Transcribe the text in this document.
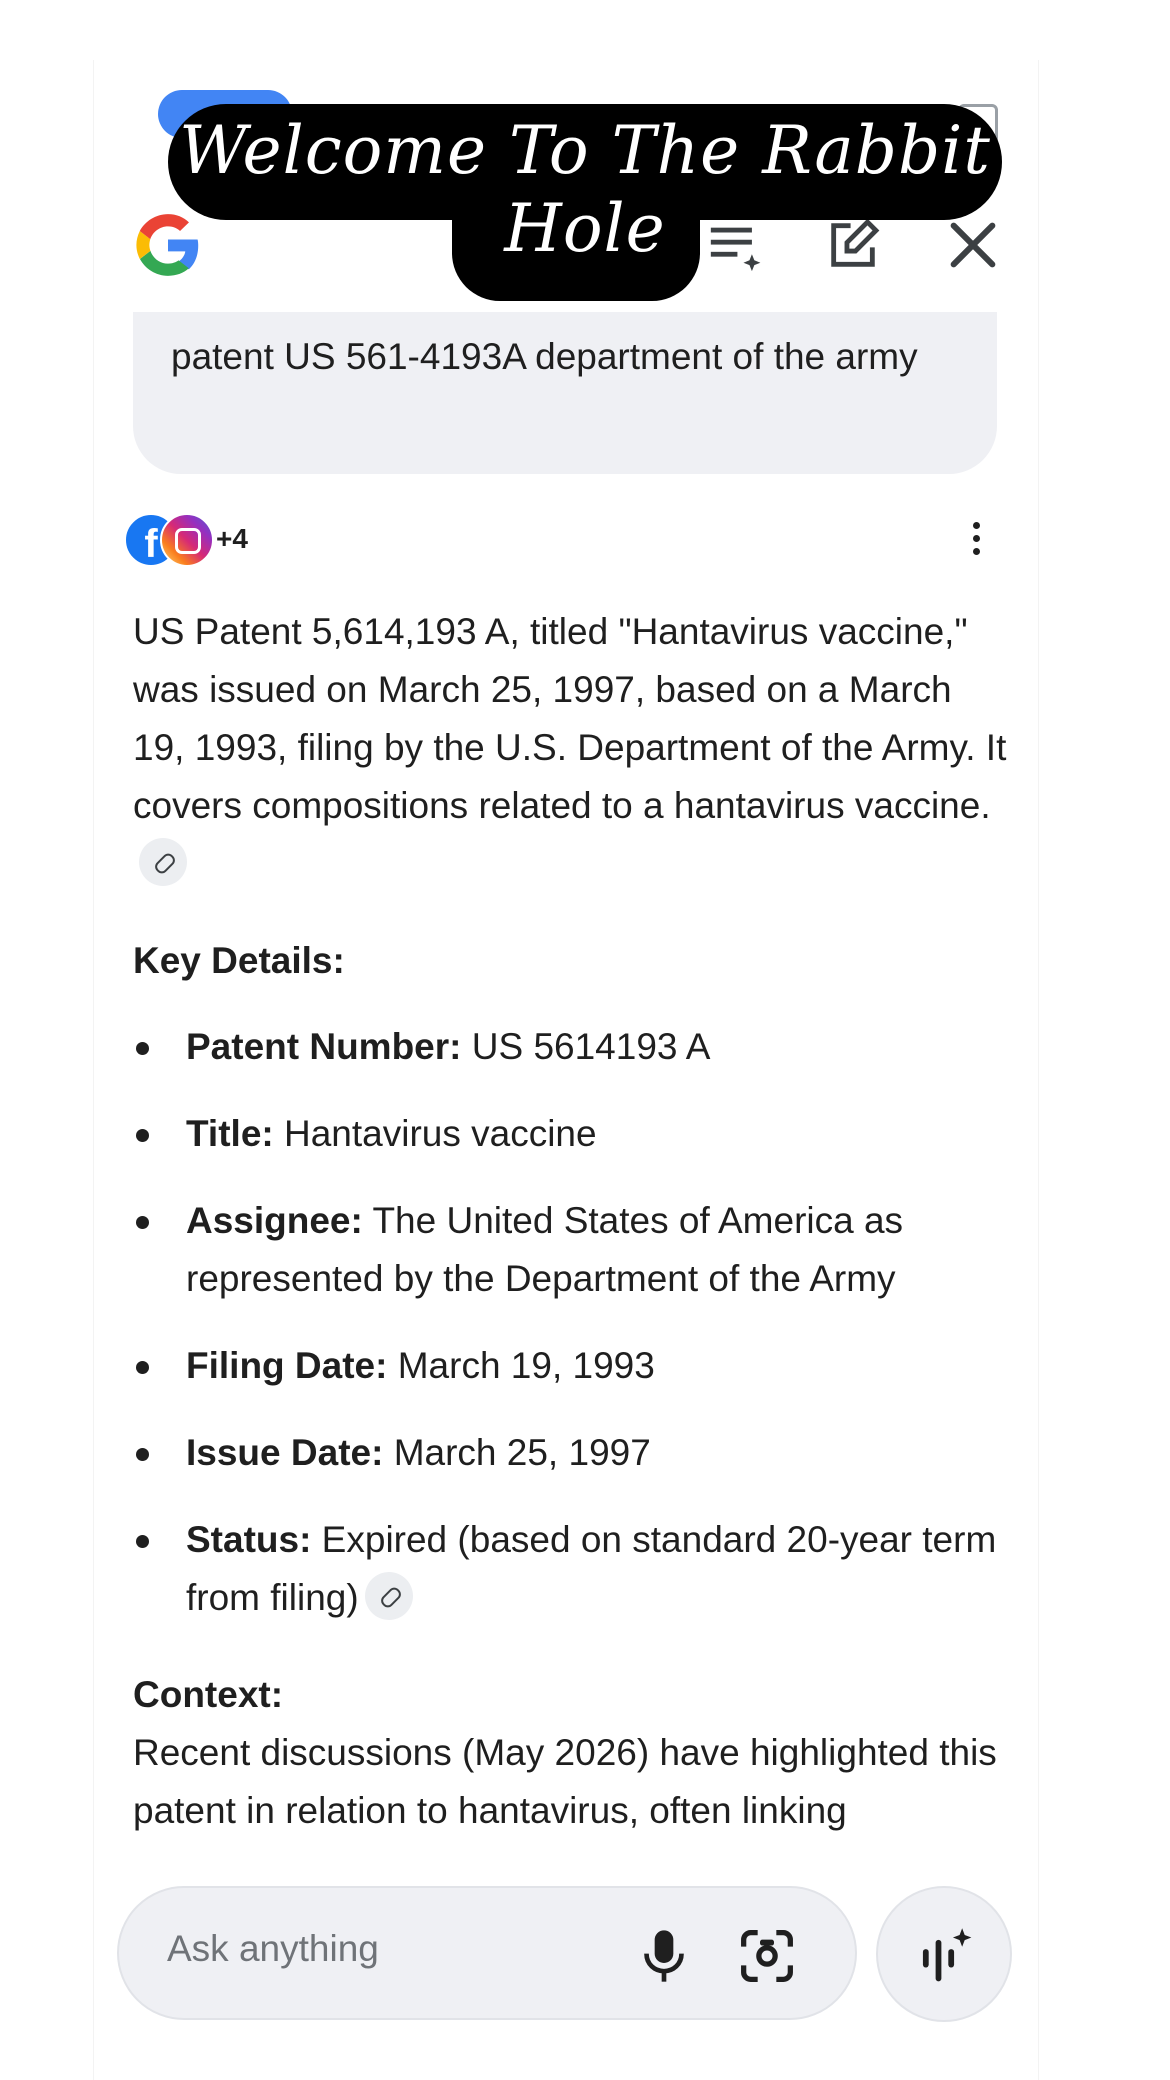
patent US 561-4193A department of the army
Welcome To The Rabbit
Hole
f	+4
US Patent 5,614,193 A, titled "Hantavirus vaccine," was issued on March 25, 1997, based on a March 19, 1993, filing by the U.S. Department of the Army. It covers compositions related to a hantavirus vaccine.
Key Details:
Patent Number: US 5614193 A
Title: Hantavirus vaccine
Assignee: The United States of America as represented by the Department of the Army
Filing Date: March 19, 1993
Issue Date: March 25, 1997
Status: Expired (based on standard 20-year term from filing)
Context:
Recent discussions (May 2026) have highlighted this patent in relation to hantavirus, often linking
Ask anything
